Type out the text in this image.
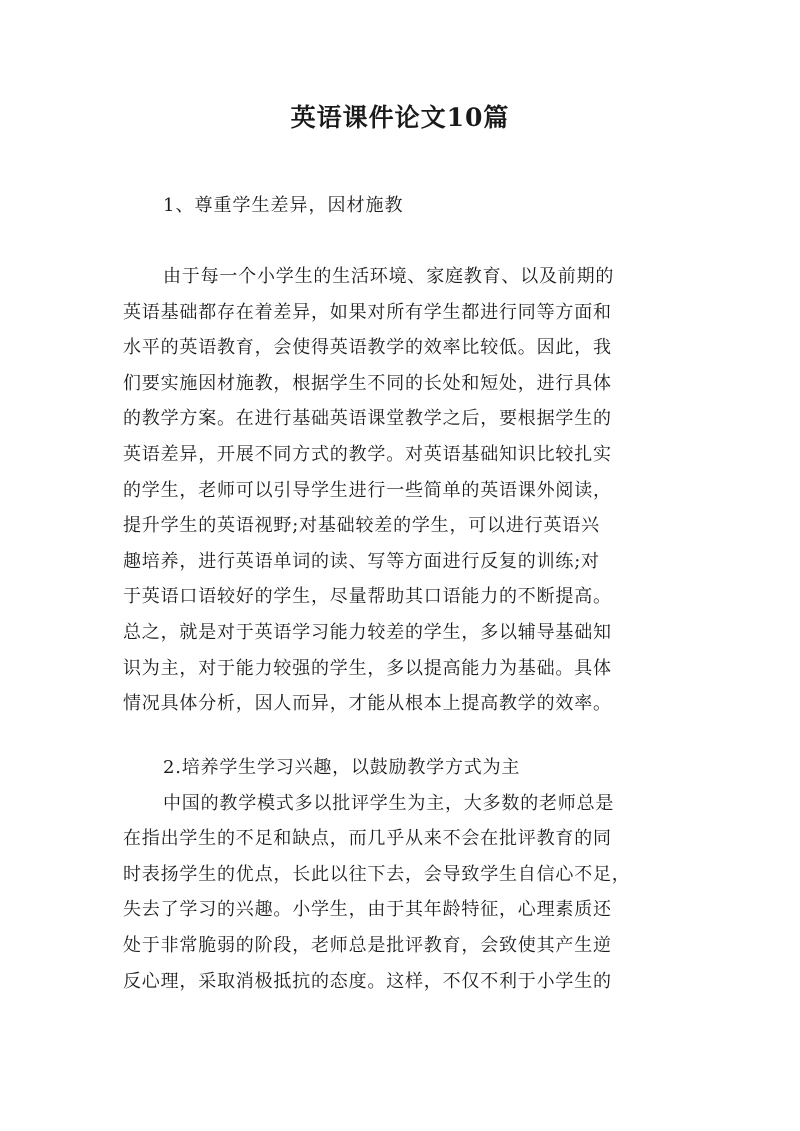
英语课件论文10篇
1、尊重学生差异，因材施教
由于每一个小学生的生活环境、家庭教育、以及前期的
英语基础都存在着差异，如果对所有学生都进行同等方面和
水平的英语教育，会使得英语教学的效率比较低。因此，我
们要实施因材施教，根据学生不同的长处和短处，进行具体
的教学方案。在进行基础英语课堂教学之后，要根据学生的
英语差异，开展不同方式的教学。对英语基础知识比较扎实
的学生，老师可以引导学生进行一些简单的英语课外阅读，
提升学生的英语视野;对基础较差的学生，可以进行英语兴
趣培养，进行英语单词的读、写等方面进行反复的训练;对
于英语口语较好的学生，尽量帮助其口语能力的不断提高。
总之，就是对于英语学习能力较差的学生，多以辅导基础知
识为主，对于能力较强的学生，多以提高能力为基础。具体
情况具体分析，因人而异，才能从根本上提高教学的效率。
2.培养学生学习兴趣，以鼓励教学方式为主
中国的教学模式多以批评学生为主，大多数的老师总是
在指出学生的不足和缺点，而几乎从来不会在批评教育的同
时表扬学生的优点，长此以往下去，会导致学生自信心不足，
失去了学习的兴趣。小学生，由于其年龄特征，心理素质还
处于非常脆弱的阶段，老师总是批评教育，会致使其产生逆
反心理，采取消极抵抗的态度。这样，不仅不利于小学生的
